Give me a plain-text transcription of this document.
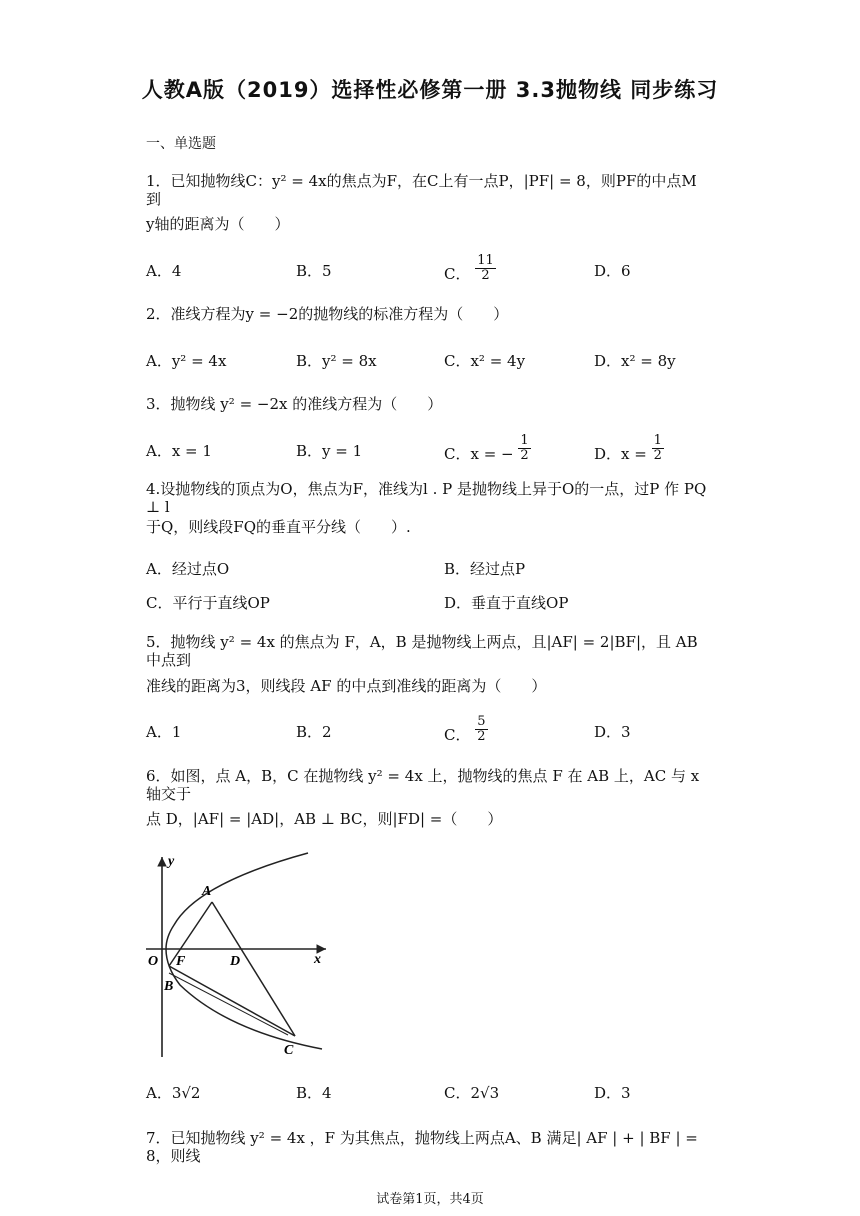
人教A版（2019）选择性必修第一册 3.3抛物线 同步练习
一、单选题
1．已知抛物线C：y² = 4x的焦点为F，在C上有一点P，|PF| = 8，则PF的中点M 到
y轴的距离为（　　）
A．4	B．5	C． $\frac{11}{2}$	D．6
2．准线方程为y = −2的抛物线的标准方程为（　　）
A．y² = 4x	B．y² = 8x	C．x² = 4y	D．x² = 8y
3．抛物线 y² = −2x 的准线方程为（　　）
A．x = 1	B．y = 1	C．x = − $\frac{1}{2}$	D．$x = \frac{1}{2}$
4.设抛物线的顶点为O，焦点为F，准线为l . P 是抛物线上异于O的一点，过P 作 PQ ⊥ l
于Q，则线段FQ的垂直平分线（　　）.
A．经过点O	B．经过点P
C．平行于直线OP	D．垂直于直线OP
5．抛物线 y² = 4x 的焦点为 F，A，B 是抛物线上两点，且|AF| = 2|BF|，且 AB 中点到
准线的距离为3，则线段 AF 的中点到准线的距离为（　　）
A．1	B．2	C． $\frac{5}{2}$	D．3
6．如图，点 A，B，C 在抛物线 y² = 4x 上，抛物线的焦点 F 在 AB 上，AC 与 x 轴交于
点 D，|AF| = |AD|，AB ⊥ BC，则|FD| =（　　）
y
x
O F	D
A
B
C
A．3√2	B．4	C．2√3	D．3
7．已知抛物线 y² = 4x ，F 为其焦点，抛物线上两点A、B 满足| AF | + | BF | = 8，则线
试卷第1页，共4页
